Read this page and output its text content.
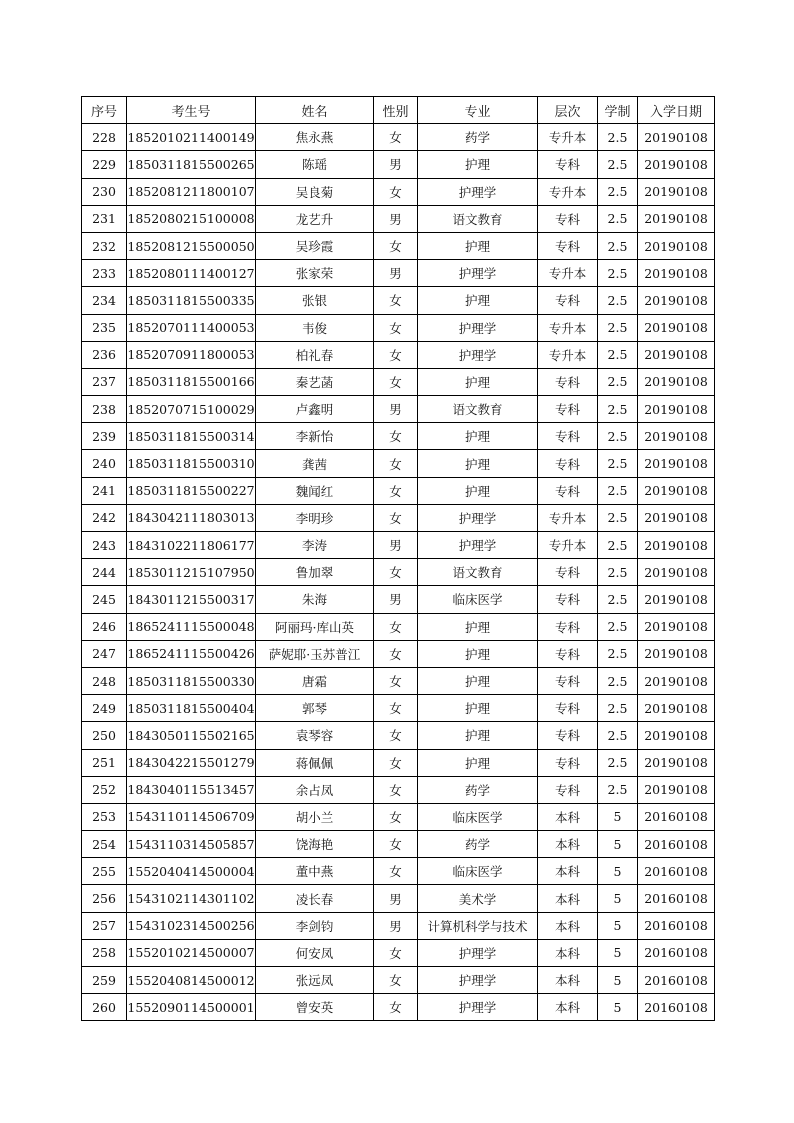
序号	考生号	姓名	性别	专业	层次	学制	入学日期
228	1852010211400149	焦永燕	女	药学	专升本	2.5	20190108
229	1850311815500265	陈瑶	男	护理	专科	2.5	20190108
230	1852081211800107	吴良菊	女	护理学	专升本	2.5	20190108
231	1852080215100008	龙艺升	男	语文教育	专科	2.5	20190108
232	1852081215500050	吴珍霞	女	护理	专科	2.5	20190108
233	1852080111400127	张家荣	男	护理学	专升本	2.5	20190108
234	1850311815500335	张银	女	护理	专科	2.5	20190108
235	1852070111400053	韦俊	女	护理学	专升本	2.5	20190108
236	1852070911800053	柏礼春	女	护理学	专升本	2.5	20190108
237	1850311815500166	秦艺菡	女	护理	专科	2.5	20190108
238	1852070715100029	卢鑫明	男	语文教育	专科	2.5	20190108
239	1850311815500314	李新怡	女	护理	专科	2.5	20190108
240	1850311815500310	龚茜	女	护理	专科	2.5	20190108
241	1850311815500227	魏闻红	女	护理	专科	2.5	20190108
242	1843042111803013	李明珍	女	护理学	专升本	2.5	20190108
243	1843102211806177	李涛	男	护理学	专升本	2.5	20190108
244	1853011215107950	鲁加翠	女	语文教育	专科	2.5	20190108
245	1843011215500317	朱海	男	临床医学	专科	2.5	20190108
246	1865241115500048	阿丽玛·库山英	女	护理	专科	2.5	20190108
247	1865241115500426	萨妮耶·玉苏普江	女	护理	专科	2.5	20190108
248	1850311815500330	唐霜	女	护理	专科	2.5	20190108
249	1850311815500404	郭琴	女	护理	专科	2.5	20190108
250	1843050115502165	袁琴容	女	护理	专科	2.5	20190108
251	1843042215501279	蒋佩佩	女	护理	专科	2.5	20190108
252	1843040115513457	余占凤	女	药学	专科	2.5	20190108
253	1543110114506709	胡小兰	女	临床医学	本科	5	20160108
254	1543110314505857	饶海艳	女	药学	本科	5	20160108
255	1552040414500004	董中燕	女	临床医学	本科	5	20160108
256	1543102114301102	凌长春	男	美术学	本科	5	20160108
257	1543102314500256	李剑钧	男	计算机科学与技术	本科	5	20160108
258	1552010214500007	何安凤	女	护理学	本科	5	20160108
259	1552040814500012	张远凤	女	护理学	本科	5	20160108
260	1552090114500001	曾安英	女	护理学	本科	5	20160108
